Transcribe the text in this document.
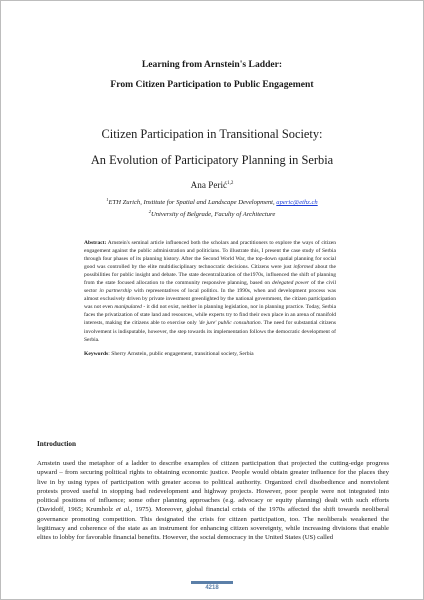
Learning from Arnstein's Ladder:
From Citizen Participation to Public Engagement
Citizen Participation in Transitional Society:
An Evolution of Participatory Planning in Serbia
Ana Perić$^{1,2}$
$^1$ETH Zurich, Institute for Spatial and Landscape Development, aperic@ethz.ch
$^2$University of Belgrade, Faculty of Architecture
Abstract: Arnstein's seminal article influenced both the scholars and practitioners to explore the ways of citizen engagement against the public administration and politicians. To illustrate this, I present the case study of Serbia through four phases of its planning history. After the Second World War, the top-down spatial planning for social good was controlled by the elite multidisciplinary technocratic decisions. Citizens were just informed about the possibilities for public insight and debate. The state decentralization of the1970s, influenced the shift of planning from the state focused allocation to the community responsive planning, based on delegated power of the civil sector in partnership with representatives of local politics. In the 1990s, when and development process was almost exclusively driven by private investment greenlighted by the national government, the citizen participation was not even manipulated - it did not exist, neither in planning legislation, nor in planning practice. Today, Serbia faces the privatization of state land and resources, while experts try to find their own place in an arena of manifold interests, making the citizens able to exercise only 'de jure' public consultation. The need for substantial citizens involvement is indisputable, however, the step towards its implementation follows the democratic development of Serbia.
Keywords: Sherry Arnstein, public engagement, transitional society, Serbia
Introduction
Arnstein used the metaphor of a ladder to describe examples of citizen participation that projected the cutting-edge progress upward – from securing political rights to obtaining economic justice. People would obtain greater influence for the places they live in by using types of participation with greater access to political authority. Organized civil disobedience and nonviolent protests proved useful in stopping bad redevelopment and highway projects. However, poor people were not integrated into political positions of influence; some other planning approaches (e.g. advocacy or equity planning) dealt with such efforts (Davidoff, 1965; Krumholz et al., 1975). Moreover, global financial crisis of the 1970s affected the shift towards neoliberal governance promoting competition. This designated the crisis for citizen participation, too. The neoliberals weakened the legitimacy and coherence of the state as an instrument for enhancing citizen sovereignty, while increasing divisions that enable elites to lobby for favorable financial benefits. However, the social democracy in the United States (US) called
4218
